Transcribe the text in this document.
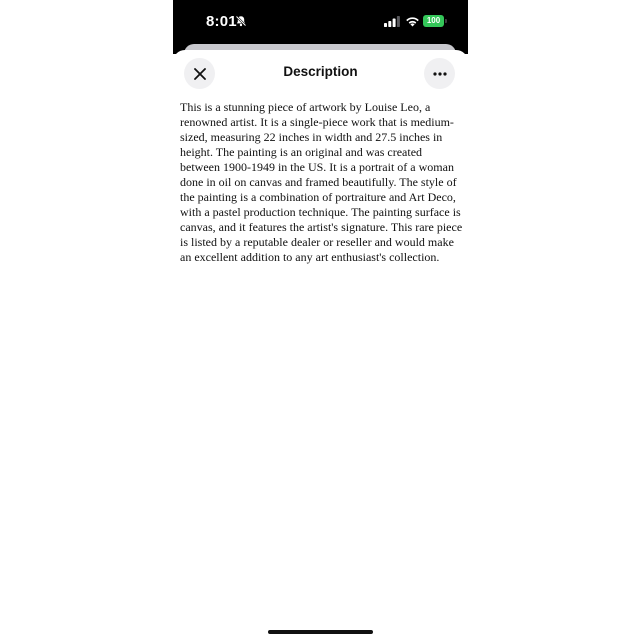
8:01	100
Description

This is a stunning piece of artwork by Louise Leo, a renowned artist. It is a single-piece work that is medium-sized, measuring 22 inches in width and 27.5 inches in height. The painting is an original and was created between 1900-1949 in the US. It is a portrait of a woman done in oil on canvas and framed beautifully. The style of the painting is a combination of portraiture and Art Deco, with a pastel production technique. The painting surface is canvas, and it features the artist's signature. This rare piece is listed by a reputable dealer or reseller and would make an excellent addition to any art enthusiast's collection.
